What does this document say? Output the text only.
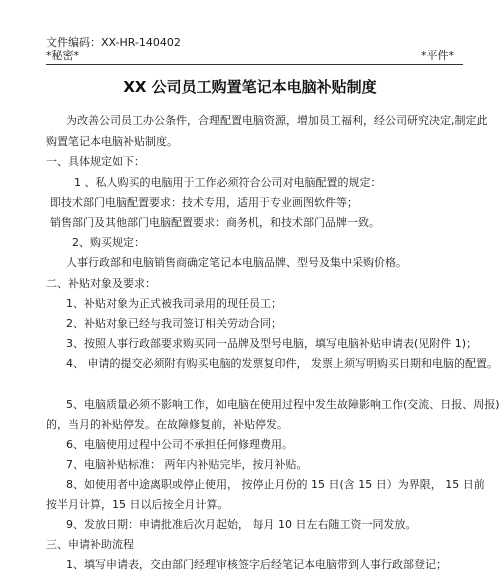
文件编码：XX-HR-140402
*秘密*	*平件*
XX 公司员工购置笔记本电脑补贴制度
为改善公司员工办公条件，合理配置电脑资源，增加员工福利，经公司研究决定,制定此
购置笔记本电脑补贴制度。
一、具体规定如下：
1 、私人购买的电脑用于工作必须符合公司对电脑配置的规定：
即技术部门电脑配置要求：技术专用，适用于专业画图软件等；
销售部门及其他部门电脑配置要求：商务机，和技术部门品牌一致。
2、购买规定：
人事行政部和电脑销售商确定笔记本电脑品牌、型号及集中采购价格。
二、补贴对象及要求：
1、补贴对象为正式被我司录用的现任员工；
2、补贴对象已经与我司签订相关劳动合同；
3、按照人事行政部要求购买同一品牌及型号电脑，填写电脑补贴申请表(见附件 1)；
4、 申请的提交必须附有购买电脑的发票复印件， 发票上须写明购买日期和电脑的配置。
5、电脑质量必须不影响工作，如电脑在使用过程中发生故障影响工作(交流、日报、周报)
的，当月的补贴停发。在故障修复前，补贴停发。
6、电脑使用过程中公司不承担任何修理费用。
7、电脑补贴标准： 两年内补贴完毕，按月补贴。
8、如使用者中途离职或停止使用， 按停止月份的 15 日(含 15 日）为界限， 15 日前
按半月计算，15 日以后按全月计算。
9、发放日期：申请批准后次月起始， 每月 10 日左右随工资一同发放。
三、申请补助流程
1、填写申请表，交由部门经理审核签字后经笔记本电脑带到人事行政部登记；
